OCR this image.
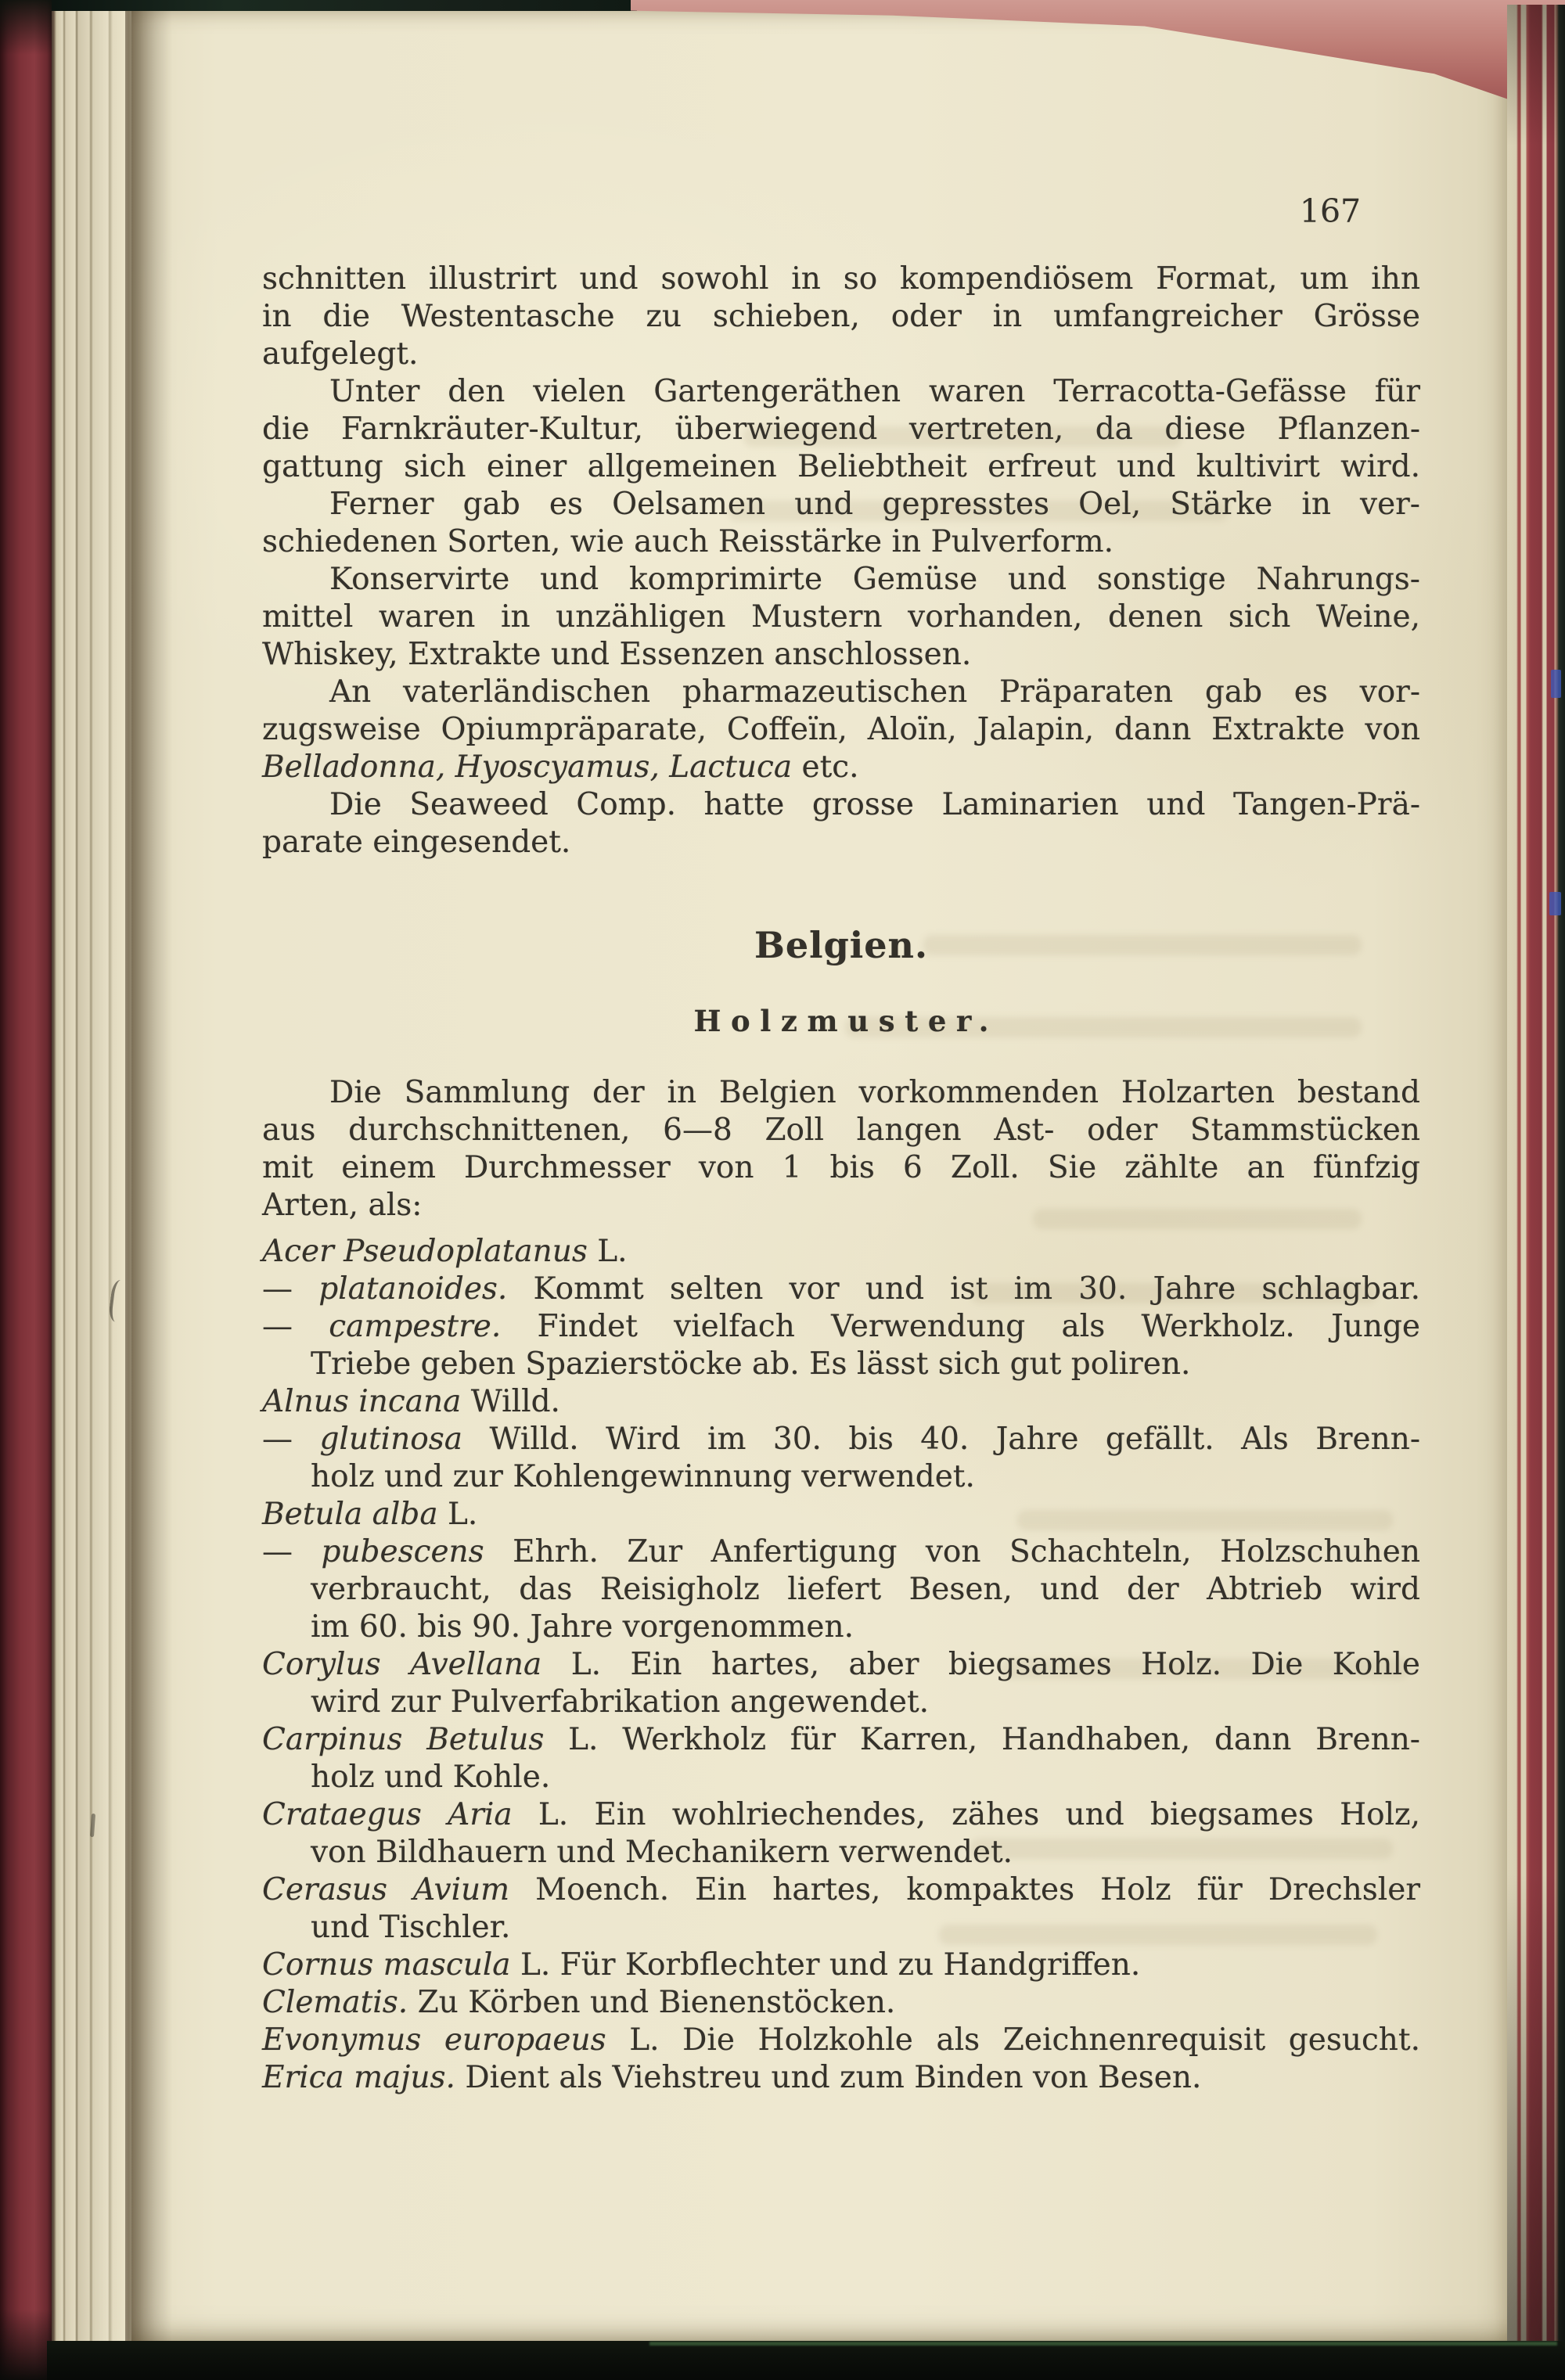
167
schnitten illustrirt und sowohl in so kompendiösem Format, um ihn
in die Westentasche zu schieben, oder in umfangreicher Grösse
aufgelegt.
Unter den vielen Gartengeräthen waren Terracotta-Gefässe für
die Farnkräuter-Kultur, überwiegend vertreten, da diese Pflanzen-
gattung sich einer allgemeinen Beliebtheit erfreut und kultivirt wird.
Ferner gab es Oelsamen und gepresstes Oel, Stärke in ver-
schiedenen Sorten, wie auch Reisstärke in Pulverform.
Konservirte und komprimirte Gemüse und sonstige Nahrungs-
mittel waren in unzähligen Mustern vorhanden, denen sich Weine,
Whiskey, Extrakte und Essenzen anschlossen.
An vaterländischen pharmazeutischen Präparaten gab es vor-
zugsweise Opiumpräparate, Coffeïn, Aloïn, Jalapin, dann Extrakte von
Belladonna, Hyoscyamus, Lactuca etc.
Die Seaweed Comp. hatte grosse Laminarien und Tangen-Prä-
parate eingesendet.
Belgien.
Holzmuster.
Die Sammlung der in Belgien vorkommenden Holzarten bestand
aus durchschnittenen, 6—8 Zoll langen Ast- oder Stammstücken
mit einem Durchmesser von 1 bis 6 Zoll. Sie zählte an fünfzig
Arten, als:
Acer Pseudoplatanus L.
— platanoides. Kommt selten vor und ist im 30. Jahre schlagbar.
— campestre. Findet vielfach Verwendung als Werkholz. Junge
Triebe geben Spazierstöcke ab. Es lässt sich gut poliren.
Alnus incana Willd.
— glutinosa Willd. Wird im 30. bis 40. Jahre gefällt. Als Brenn-
holz und zur Kohlengewinnung verwendet.
Betula alba L.
— pubescens Ehrh. Zur Anfertigung von Schachteln, Holzschuhen
verbraucht, das Reisigholz liefert Besen, und der Abtrieb wird
im 60. bis 90. Jahre vorgenommen.
Corylus Avellana L. Ein hartes, aber biegsames Holz. Die Kohle
wird zur Pulverfabrikation angewendet.
Carpinus Betulus L. Werkholz für Karren, Handhaben, dann Brenn-
holz und Kohle.
Crataegus Aria L. Ein wohlriechendes, zähes und biegsames Holz,
von Bildhauern und Mechanikern verwendet.
Cerasus Avium Moench. Ein hartes, kompaktes Holz für Drechsler
und Tischler.
Cornus mascula L. Für Korbflechter und zu Handgriffen.
Clematis. Zu Körben und Bienenstöcken.
Evonymus europaeus L. Die Holzkohle als Zeichnenrequisit gesucht.
Erica majus. Dient als Viehstreu und zum Binden von Besen.
